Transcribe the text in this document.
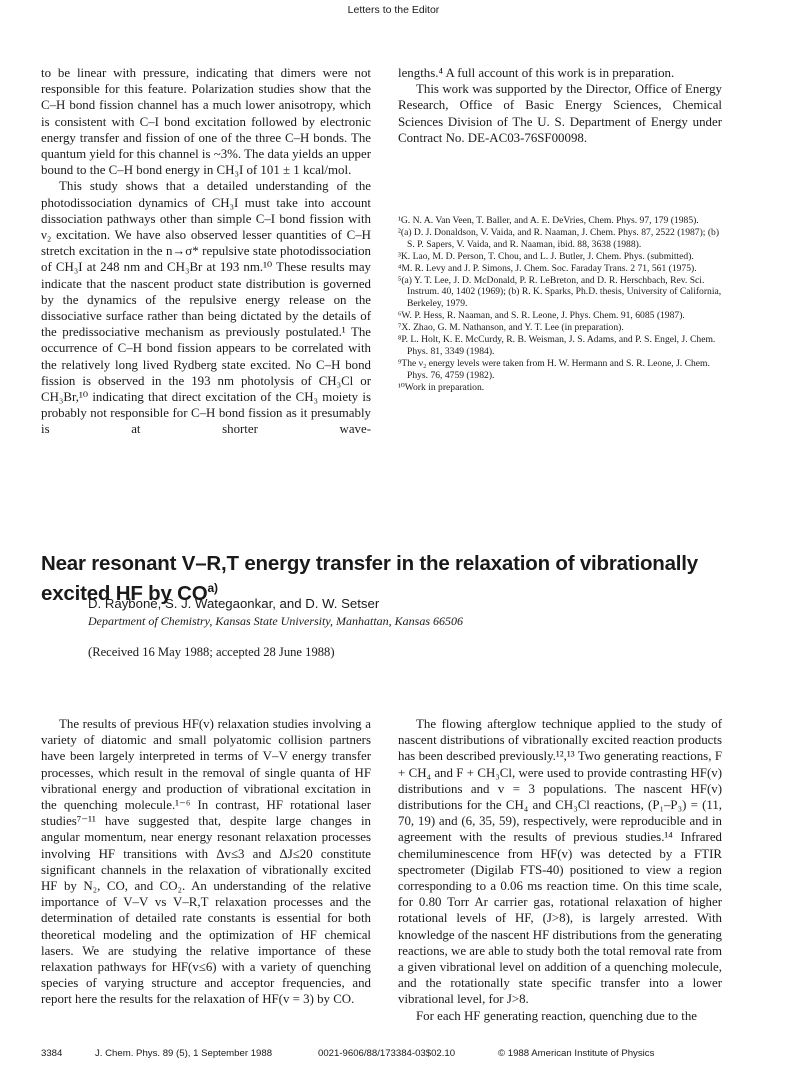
Letters to the Editor

to be linear with pressure, indicating that dimers were not responsible for this feature. Polarization studies show that the C–H bond fission channel has a much lower anisotropy, which is consistent with C–I bond excitation followed by electronic energy transfer and fission of one of the three C–H bonds. The quantum yield for this channel is ~3%. The data yields an upper bound to the C–H bond energy in CH₃I of 101 ± 1 kcal/mol.

This study shows that a detailed understanding of the photodissociation dynamics of CH₃I must take into account dissociation pathways other than simple C–I bond fission with ν₂ excitation. We have also observed lesser quantities of C–H stretch excitation in the n→σ* repulsive state photodissociation of CH₃I at 248 nm and CH₃Br at 193 nm.¹⁰ These results may indicate that the nascent product state distribution is governed by the dynamics of the repulsive energy release on the dissociative surface rather than being dictated by the details of the predissociative mechanism as previously postulated.¹ The occurrence of C–H bond fission appears to be correlated with the relatively long lived Rydberg state excited. No C–H bond fission is observed in the 193 nm photolysis of CH₃Cl or CH₃Br,¹⁰ indicating that direct excitation of the CH₃ moiety is probably not responsible for C–H bond fission as it presumably is at shorter wave-

lengths.⁴ A full account of this work is in preparation.

This work was supported by the Director, Office of Energy Research, Office of Basic Energy Sciences, Chemical Sciences Division of The U. S. Department of Energy under Contract No. DE-AC03-76SF00098.

¹G. N. A. Van Veen, T. Baller, and A. E. DeVries, Chem. Phys. 97, 179 (1985).

²(a) D. J. Donaldson, V. Vaida, and R. Naaman, J. Chem. Phys. 87, 2522 (1987); (b) S. P. Sapers, V. Vaida, and R. Naaman, ibid. 88, 3638 (1988).

³K. Lao, M. D. Person, T. Chou, and L. J. Butler, J. Chem. Phys. (submitted).

⁴M. R. Levy and J. P. Simons, J. Chem. Soc. Faraday Trans. 2 71, 561 (1975).

⁵(a) Y. T. Lee, J. D. McDonald, P. R. LeBreton, and D. R. Herschbach, Rev. Sci. Instrum. 40, 1402 (1969); (b) R. K. Sparks, Ph.D. thesis, University of California, Berkeley, 1979.

⁶W. P. Hess, R. Naaman, and S. R. Leone, J. Phys. Chem. 91, 6085 (1987).

⁷X. Zhao, G. M. Nathanson, and Y. T. Lee (in preparation).

⁸P. L. Holt, K. E. McCurdy, R. B. Weisman, J. S. Adams, and P. S. Engel, J. Chem. Phys. 81, 3349 (1984).

⁹The ν₂ energy levels were taken from H. W. Hermann and S. R. Leone, J. Chem. Phys. 76, 4759 (1982).

¹⁰Work in preparation.

Near resonant V–R,T energy transfer in the relaxation of vibrationally excited HF by CO$^{a)}$
D. Raybone, S. J. Wategaonkar, and D. W. Setser
Department of Chemistry, Kansas State University, Manhattan, Kansas 66506
(Received 16 May 1988; accepted 28 June 1988)

The results of previous HF(v) relaxation studies involving a variety of diatomic and small polyatomic collision partners have been largely interpreted in terms of V–V energy transfer processes, which result in the removal of single quanta of HF vibrational energy and production of vibrational excitation in the quenching molecule.¹⁻⁶ In contrast, HF rotational laser studies⁷⁻¹¹ have suggested that, despite large changes in angular momentum, near energy resonant relaxation processes involving HF transitions with Δv≤3 and ΔJ≤20 constitute significant channels in the relaxation of vibrationally excited HF by N₂, CO, and CO₂. An understanding of the relative importance of V–V vs V–R,T relaxation processes and the determination of detailed rate constants is essential for both theoretical modeling and the optimization of HF chemical lasers. We are studying the relative importance of these relaxation pathways for HF(v≤6) with a variety of quenching species of varying structure and acceptor frequencies, and report here the results for the relaxation of HF(v = 3) by CO.

The flowing afterglow technique applied to the study of nascent distributions of vibrationally excited reaction products has been described previously.¹²,¹³ Two generating reactions, F + CH₄ and F + CH₃Cl, were used to provide contrasting HF(v) distributions and v = 3 populations. The nascent HF(v) distributions for the CH₄ and CH₃Cl reactions, (P₁–P₃) = (11, 70, 19) and (6, 35, 59), respectively, were reproducible and in agreement with the results of previous studies.¹⁴ Infrared chemiluminescence from HF(v) was detected by a FTIR spectrometer (Digilab FTS-40) positioned to view a region corresponding to a 0.06 ms reaction time. On this time scale, for 0.80 Torr Ar carrier gas, rotational relaxation of higher rotational levels of HF, (J>8), is largely arrested. With knowledge of the nascent HF distributions from the generating reactions, we are able to study both the total removal rate from a given vibrational level on addition of a quenching molecule, and the rotationally state specific transfer into a lower vibrational level, for J>8.

For each HF generating reaction, quenching due to the

3384	J. Chem. Phys. 89 (5), 1 September 1988	0021-9606/88/173384-03$02.10	© 1988 American Institute of Physics
